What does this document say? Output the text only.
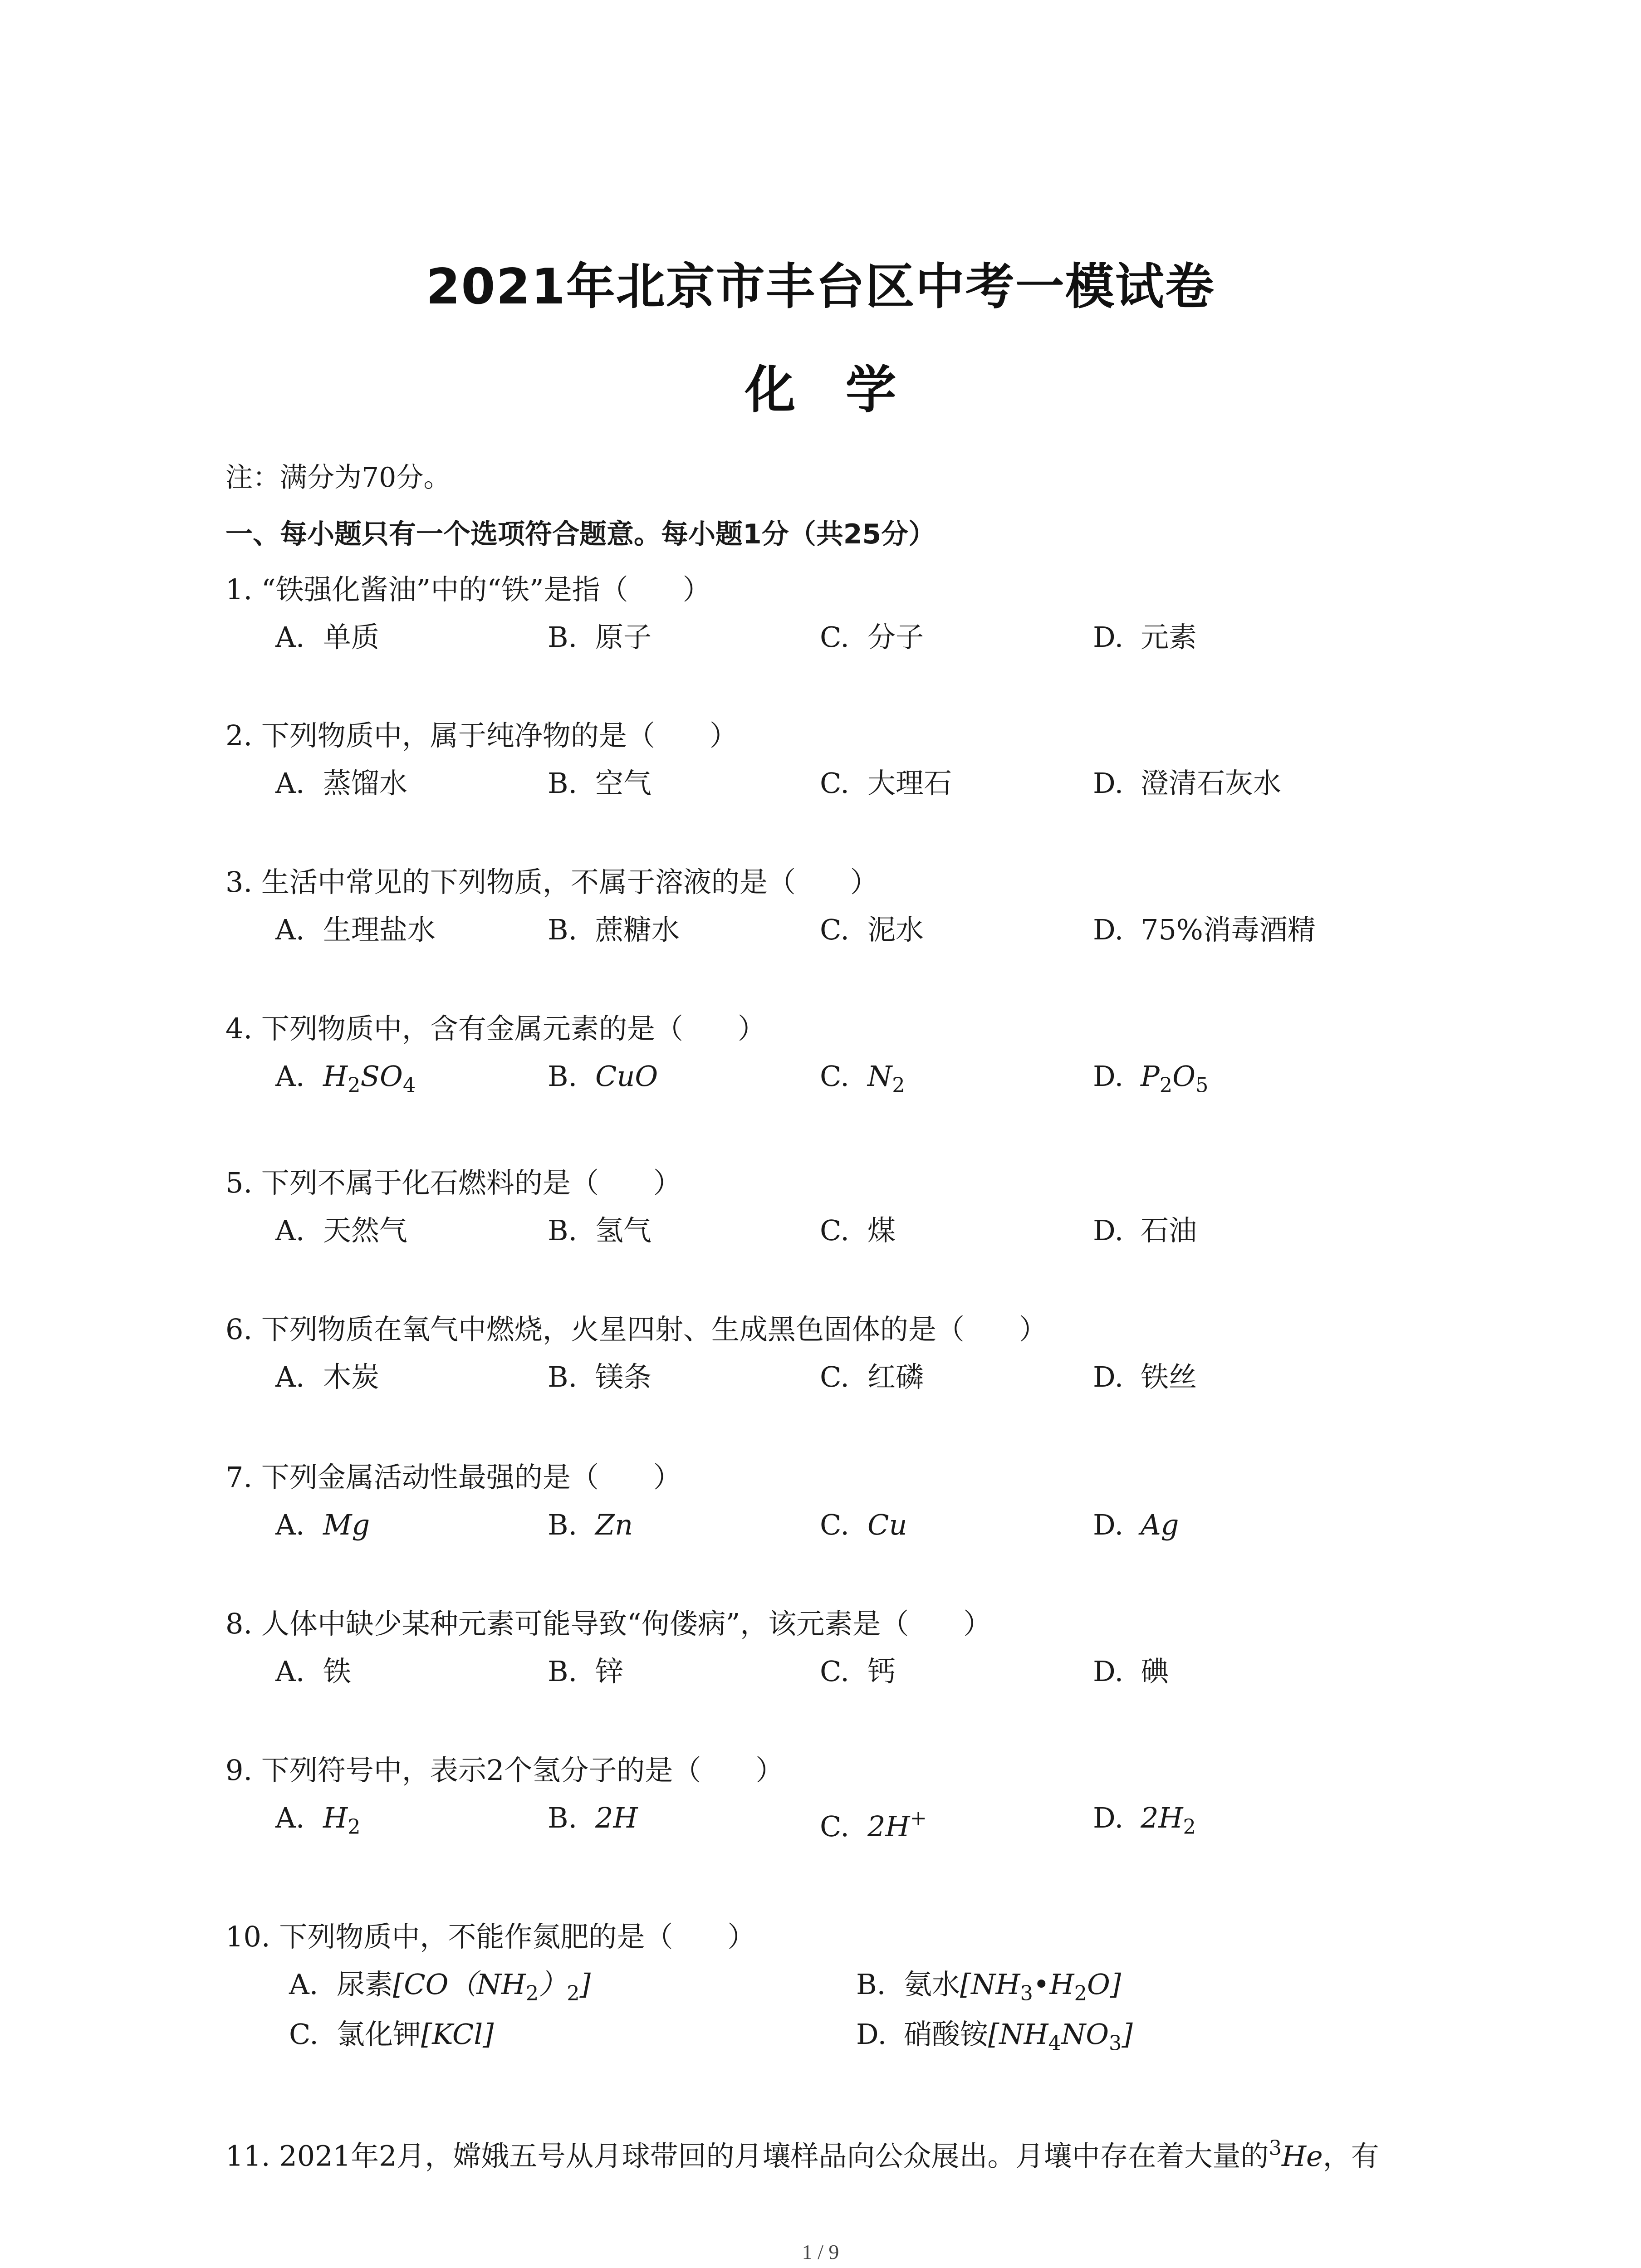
2021年北京市丰台区中考一模试卷
化学
注：满分为70分。
一、每小题只有一个选项符合题意。每小题1分（共25分）
1. “铁强化酱油”中的“铁”是指（ ）
A. 单质	B. 原子	C. 分子	D. 元素
2. 下列物质中，属于纯净物的是（ ）
A. 蒸馏水	B. 空气	C. 大理石	D. 澄清石灰水
3. 生活中常见的下列物质，不属于溶液的是（ ）
A. 生理盐水	B. 蔗糖水	C. 泥水	D. 75%消毒酒精
4. 下列物质中，含有金属元素的是（ ）
A. $H_2SO_4$	B. CuO	C. $N_2$	D. $P_2O_5$
5. 下列不属于化石燃料的是（ ）
A. 天然气	B. 氢气	C. 煤	D. 石油
6. 下列物质在氧气中燃烧，火星四射、生成黑色固体的是（ ）
A. 木炭	B. 镁条	C. 红磷	D. 铁丝
7. 下列金属活动性最强的是（ ）
A. Mg	B. Zn	C. Cu	D. Ag
8. 人体中缺少某种元素可能导致“佝偻病”，该元素是（ ）
A. 铁	B. 锌	C. 钙	D. 碘
9. 下列符号中，表示2个氢分子的是（ ）
A. $H_2$	B. 2H	C. 2H+	D. $2H_2$
10. 下列物质中，不能作氮肥的是（ ）
A. 尿素$[CO(NH_2)_2]$	B. 氨水$[NH_3•H_2O]$
C. 氯化钾[KCl]	D. 硝酸铵$[NH_4NO_3]$
11. 2021年2月，嫦娥五号从月球带回的月壤样品向公众展出。月壤中存在着大量的$^3$He，有
1 / 9
